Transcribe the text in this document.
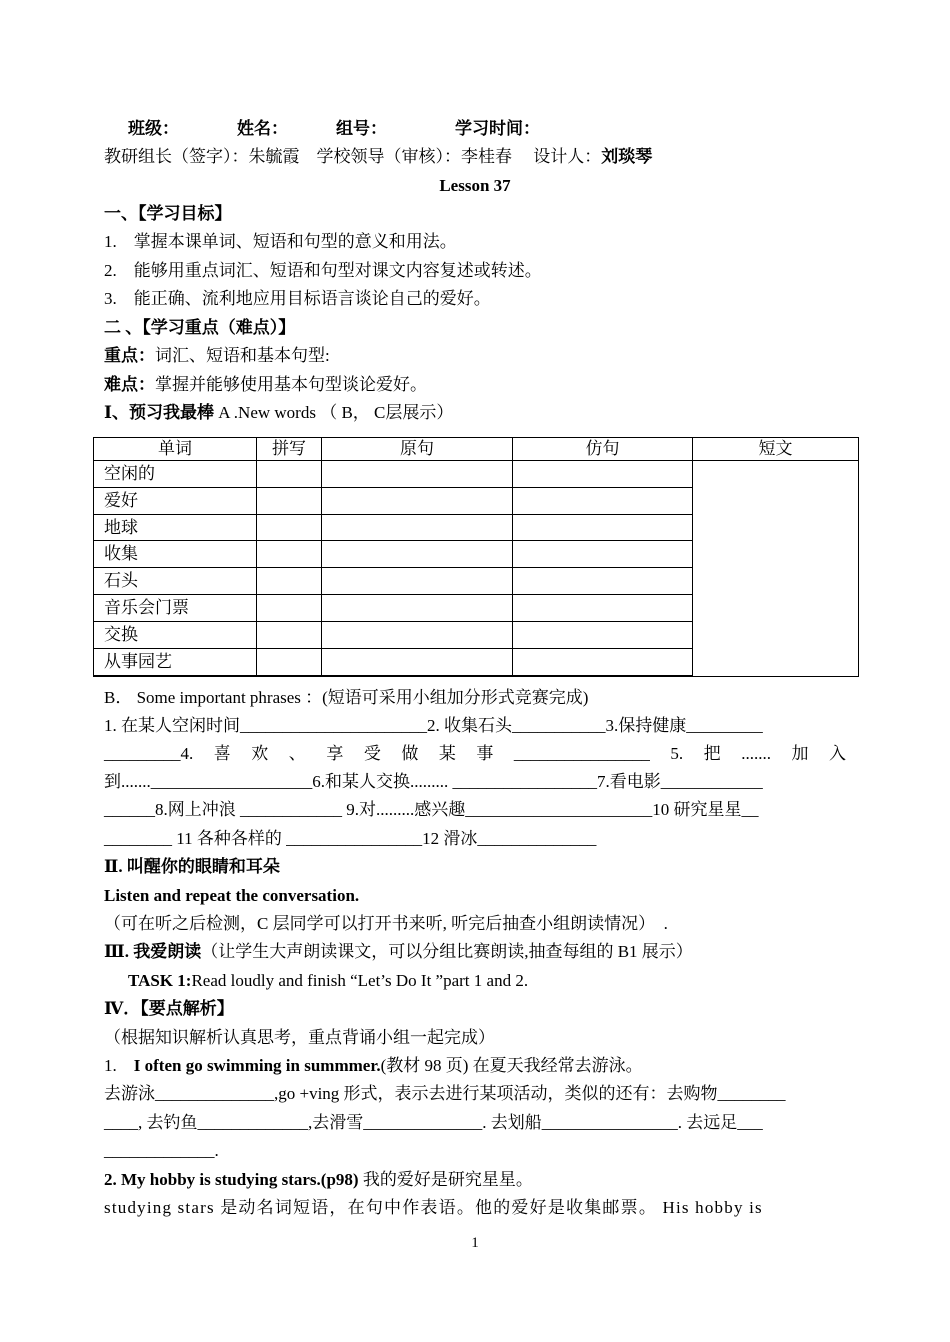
班级：	姓名：	组号：	学习时间：
教研组长（签字）：朱毓霞　学校领导（审核）：李桂春　 设计人：刘琰琴
Lesson 37
一、【学习目标】
1.　掌握本课单词、短语和句型的意义和用法。
2.　能够用重点词汇、短语和句型对课文内容复述或转述。
3.　能正确、流利地应用目标语言谈论自己的爱好。
二 、【学习重点（难点）】
重点：词汇、短语和基本句型:
难点：掌握并能够使用基本句型谈论爱好。
Ⅰ、预习我最棒 A .New words （ B， C层展示）
单词	拼写	原句	仿句	短文
空闲的				
爱好				
地球				
收集				
石头				
音乐会门票				
交换				
从事园艺				

B． Some important phrases ：(短语可采用小组加分形式竞赛完成)
1. 在某人空闲时间______________________2. 收集石头___________3.保持健康_________
_________4. 喜 欢 、 享 受 做 某 事 ________________ 5. 把 ....... 加 入
到.......___________________6.和某人交换......... _________________7.看电影____________
______8.网上冲浪 ____________ 9.对.........感兴趣______________________10 研究星星__
________ 11 各种各样的 ________________12 滑冰______________
Ⅱ. 叫醒你的眼睛和耳朵
Listen and repeat the conversation.
（可在听之后检测，C 层同学可以打开书来听, 听完后抽查小组朗读情况）　.
Ⅲ. 我爱朗读（让学生大声朗读课文，可以分组比赛朗读,抽查每组的 B1 展示）
TASK 1:Read loudly and finish “Let’s Do It ”part 1 and 2.
Ⅳ．【要点解析】
（根据知识解析认真思考，重点背诵小组一起完成）
1.　I often go swimming in summmer.(教材 98 页) 在夏天我经常去游泳。
去游泳______________,go +ving 形式，表示去进行某项活动，类似的还有：去购物________
____, 去钓鱼_____________,去滑雪______________. 去划船________________. 去远足___
_____________.
2. My hobby is studying stars.(p98) 我的爱好是研究星星。
studying stars 是动名词短语，在句中作表语。他的爱好是收集邮票。 His hobby is
1
